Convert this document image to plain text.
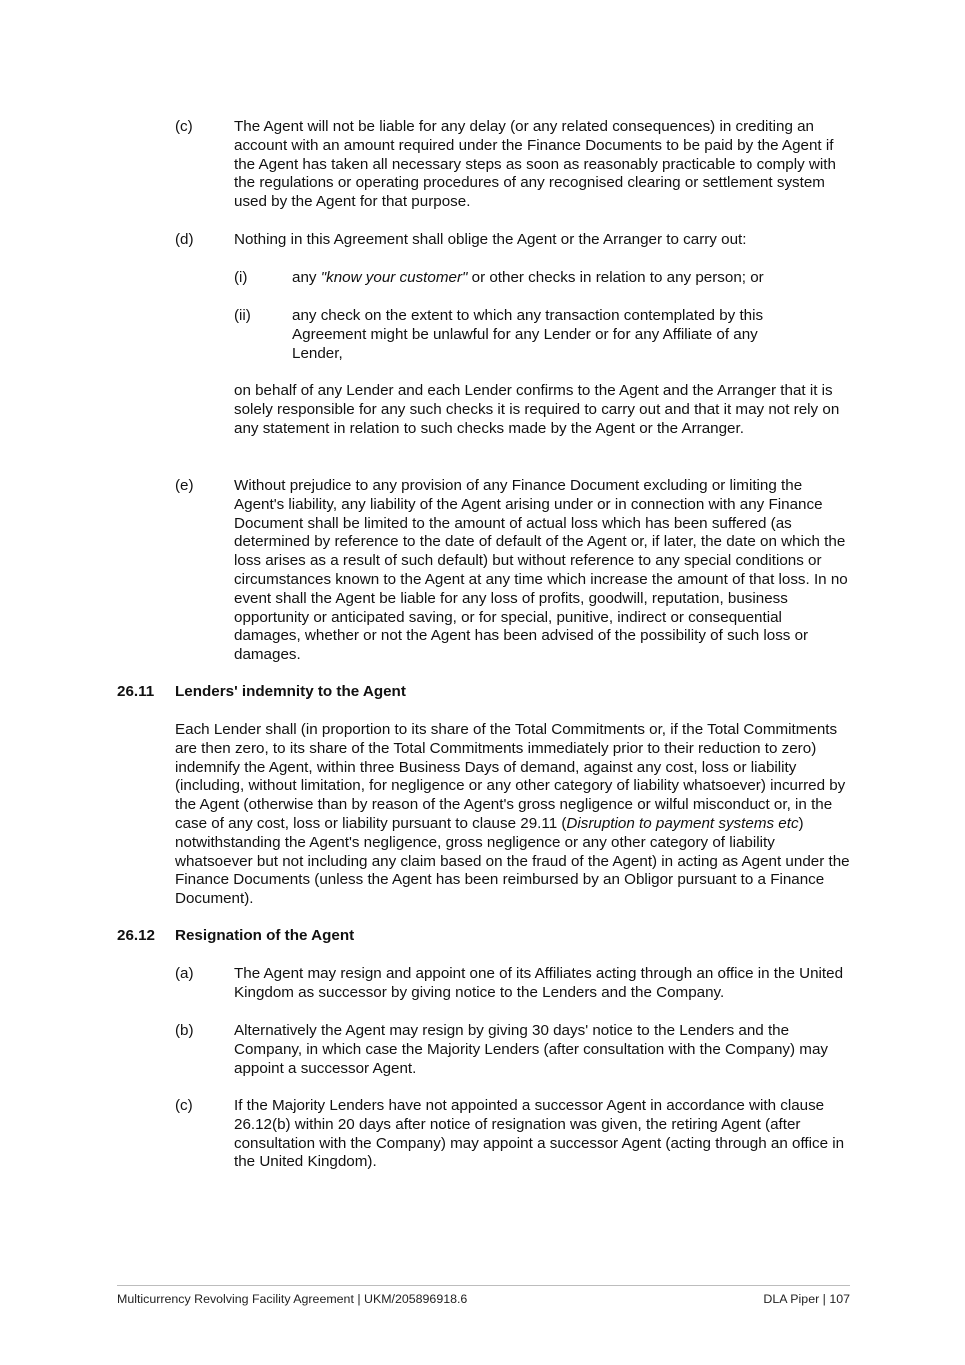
(c)	The Agent will not be liable for any delay (or any related consequences) in crediting an account with an amount required under the Finance Documents to be paid by the Agent if the Agent has taken all necessary steps as soon as reasonably practicable to comply with the regulations or operating procedures of any recognised clearing or settlement system used by the Agent for that purpose.
(d)	Nothing in this Agreement shall oblige the Agent or the Arranger to carry out:
(i)	any "know your customer" or other checks in relation to any person; or
(ii)	any check on the extent to which any transaction contemplated by this Agreement might be unlawful for any Lender or for any Affiliate of any Lender,
on behalf of any Lender and each Lender confirms to the Agent and the Arranger that it is solely responsible for any such checks it is required to carry out and that it may not rely on any statement in relation to such checks made by the Agent or the Arranger.
(e)	Without prejudice to any provision of any Finance Document excluding or limiting the Agent's liability, any liability of the Agent arising under or in connection with any Finance Document shall be limited to the amount of actual loss which has been suffered (as determined by reference to the date of default of the Agent or, if later, the date on which the loss arises as a result of such default) but without reference to any special conditions or circumstances known to the Agent at any time which increase the amount of that loss. In no event shall the Agent be liable for any loss of profits, goodwill, reputation, business opportunity or anticipated saving, or for special, punitive, indirect or consequential damages, whether or not the Agent has been advised of the possibility of such loss or damages.
26.11 Lenders' indemnity to the Agent
Each Lender shall (in proportion to its share of the Total Commitments or, if the Total Commitments are then zero, to its share of the Total Commitments immediately prior to their reduction to zero) indemnify the Agent, within three Business Days of demand, against any cost, loss or liability (including, without limitation, for negligence or any other category of liability whatsoever) incurred by the Agent (otherwise than by reason of the Agent's gross negligence or wilful misconduct or, in the case of any cost, loss or liability pursuant to clause 29.11 (Disruption to payment systems etc) notwithstanding the Agent's negligence, gross negligence or any other category of liability whatsoever but not including any claim based on the fraud of the Agent) in acting as Agent under the Finance Documents (unless the Agent has been reimbursed by an Obligor pursuant to a Finance Document).
26.12 Resignation of the Agent
(a)	The Agent may resign and appoint one of its Affiliates acting through an office in the United Kingdom as successor by giving notice to the Lenders and the Company.
(b)	Alternatively the Agent may resign by giving 30 days' notice to the Lenders and the Company, in which case the Majority Lenders (after consultation with the Company) may appoint a successor Agent.
(c)	If the Majority Lenders have not appointed a successor Agent in accordance with clause 26.12(b) within 20 days after notice of resignation was given, the retiring Agent (after consultation with the Company) may appoint a successor Agent (acting through an office in the United Kingdom).
Multicurrency Revolving Facility Agreement | UKM/205896918.6	DLA Piper | 107
